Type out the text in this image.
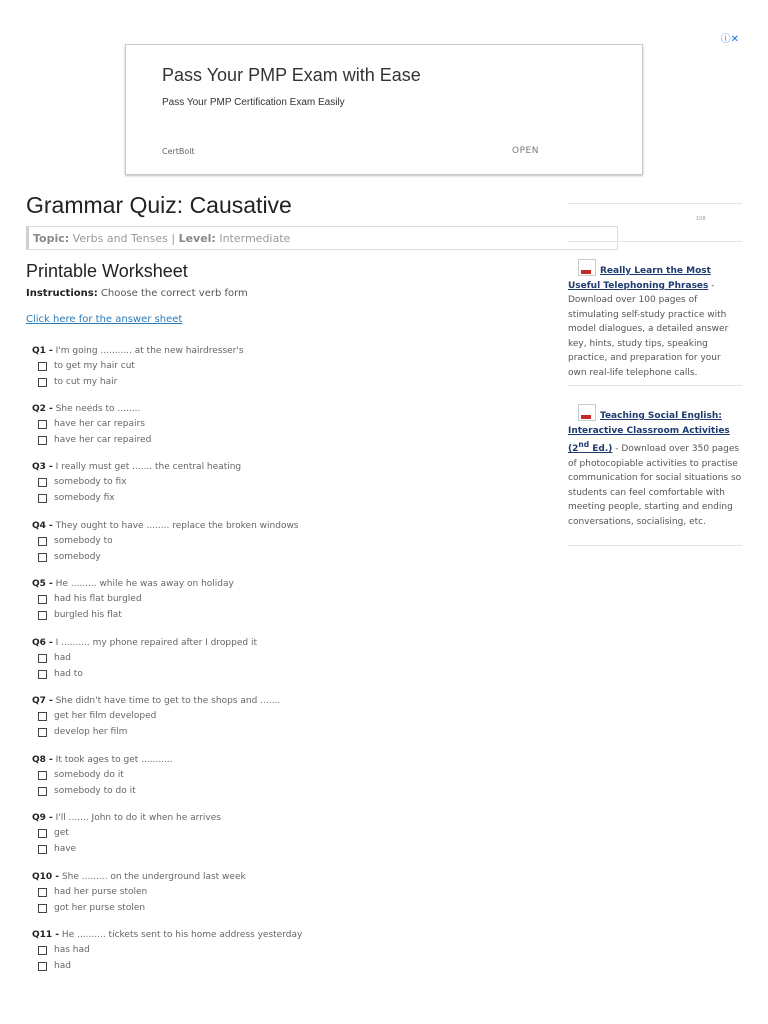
ⓘ✕
Pass Your PMP Exam with Ease
Pass Your PMP Certification Exam Easily
CertBolt	OPEN
Grammar Quiz: Causative
Topic: Verbs and Tenses | Level: Intermediate
Printable Worksheet
Instructions: Choose the correct verb form
Click here for the answer sheet
Q1 - I'm going ........... at the new hairdresser's
to get my hair cut
to cut my hair
Q2 - She needs to ........
have her car repairs
have her car repaired
Q3 - I really must get ....... the central heating
somebody to fix
somebody fix
Q4 - They ought to have ........ replace the broken windows
somebody to
somebody
Q5 - He ......... while he was away on holiday
had his flat burgled
burgled his flat
Q6 - I .......... my phone repaired after I dropped it
had
had to
Q7 - She didn't have time to get to the shops and .......
get her film developed
develop her film
Q8 - It took ages to get ...........
somebody do it
somebody to do it
Q9 - I'll ....... John to do it when he arrives
get
have
Q10 - She ......... on the underground last week
had her purse stolen
got her purse stolen
Q11 - He .......... tickets sent to his home address yesterday
has had
had
108
Really Learn the Most Useful Telephoning Phrases - Download over 100 pages of stimulating self-study practice with model dialogues, a detailed answer key, hints, study tips, speaking practice, and preparation for your own real-life telephone calls.
Teaching Social English: Interactive Classroom Activities (2nd Ed.) - Download over 350 pages of photocopiable activities to practise communication for social situations so students can feel comfortable with meeting people, starting and ending conversations, socialising, etc.
